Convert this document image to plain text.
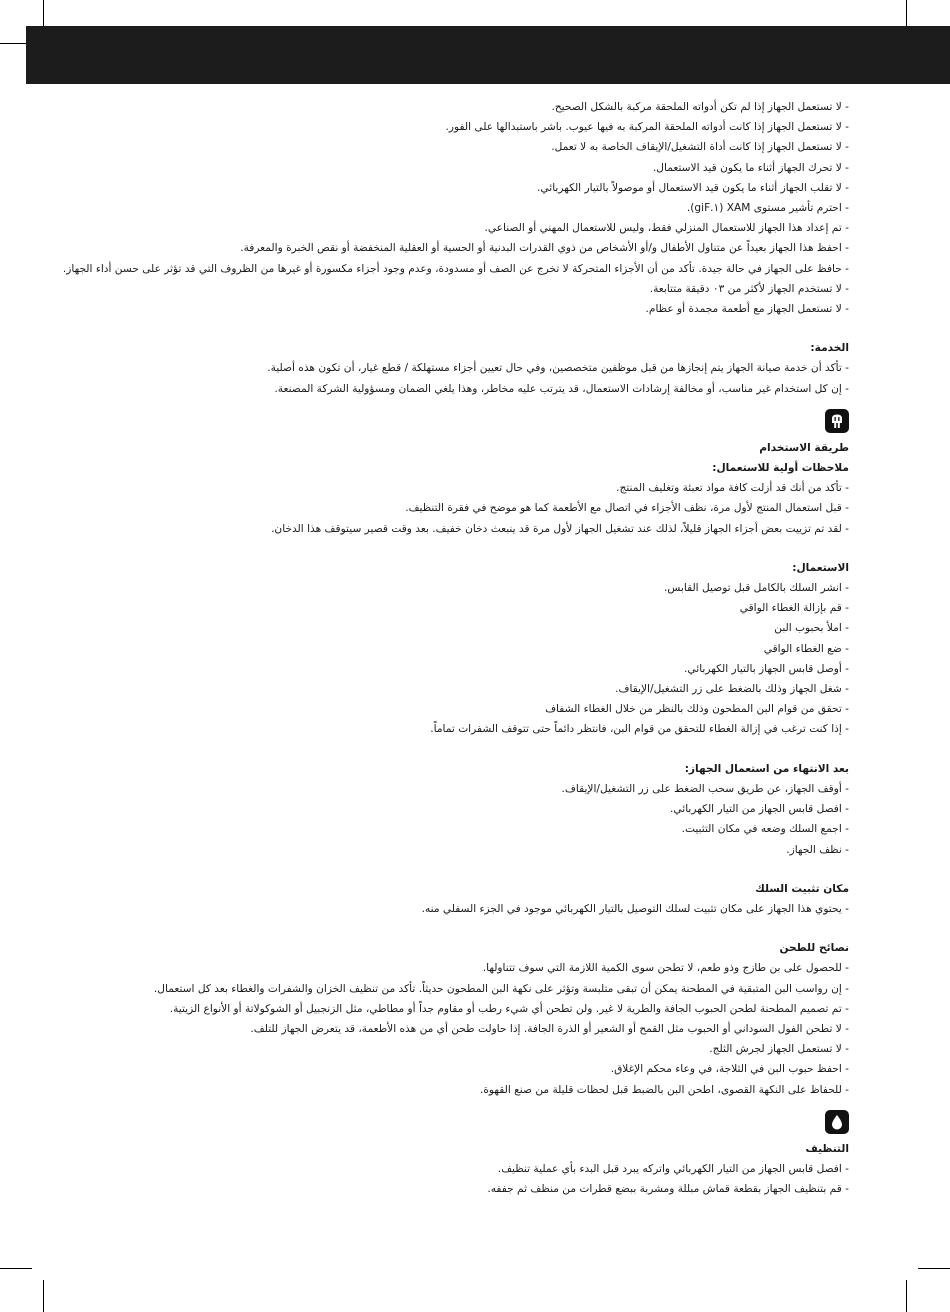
- لا تستعمل الجهاز إذا لم تكن أدواته الملحقة مركبة بالشكل الصحيح.
- لا تستعمل الجهاز إذا كانت أدواته الملحقة المركبة به فيها عيوب. باشر باستبدالها على الفور.
- لا تستعمل الجهاز إذا كانت أداة التشغيل/الإيقاف الخاصة به لا تعمل.
- لا تحرك الجهاز أثناء ما يكون قيد الاستعمال.
- لا تقلب الجهاز أثناء ما يكون قيد الاستعمال أو موصولاً بالتيار الكهربائي.
- احترم تأشير مستوى XAM (١.giF).
- تم إعداد هذا الجهاز للاستعمال المنزلي فقط، وليس للاستعمال المهني أو الصناعي.
- احفظ هذا الجهاز بعيداً عن متناول الأطفال و/أو الأشخاص من ذوي القدرات البدنية أو الحسية أو العقلية المنخفضة أو نقص الخبرة والمعرفة.
- حافظ على الجهاز في حالة جيدة. تأكد من أن الأجزاء المتحركة لا تخرج عن الصف أو مسدودة، وعدم وجود أجزاء مكسورة أو غيرها من الظروف التي قد تؤثر على حسن أداء الجهاز.
- لا تستخدم الجهاز لأكثر من ٠٣ دقيقة متتابعة.
- لا تستعمل الجهاز مع أطعمة مجمدة أو عظام.
الخدمة:
- تأكد أن خدمة صيانة الجهاز يتم إنجازها من قبل موظفين متخصصين، وفي حال تعيين أجزاء مستهلكة / قطع غيار، أن تكون هذه أصلية.
- إن كل استخدام غير مناسب، أو مخالفة إرشادات الاستعمال، قد يترتب عليه مخاطر، وهذا يلغي الضمان ومسؤولية الشركة المصنعة.
طريقة الاستخدام
ملاحظات أولية للاستعمال:
- تأكد من أنك قد أزلت كافة مواد تعبئة وتغليف المنتج.
- قبل استعمال المنتج لأول مرة، نظف الأجزاء في اتصال مع الأطعمة كما هو موضح في فقرة التنظيف.
- لقد تم تزييت بعض أجزاء الجهاز قليلاً، لذلك عند تشغيل الجهاز لأول مرة قد ينبعث دخان خفيف. بعد وقت قصير سيتوقف هذا الدخان.
الاستعمال:
- انشر السلك بالكامل قبل توصيل القابس.
- قم بإزالة الغطاء الواقي
- املأ بحبوب البن
- ضع الغطاء الواقي
- أوصل قابس الجهاز بالتيار الكهربائي.
- شغل الجهاز وذلك بالضغط على زر التشغيل/الإيقاف.
- تحقق من قوام البن المطحون وذلك بالنظر من خلال الغطاء الشفاف
- إذا كنت ترغب في إزالة الغطاء للتحقق من قوام البن، فانتظر دائماً حتى تتوقف الشفرات تماماً.
بعد الانتهاء من استعمال الجهاز:
- أوقف الجهاز، عن طريق سحب الضغط على زر التشغيل/الإيقاف.
- افصل قابس الجهاز من التيار الكهربائي.
- اجمع السلك وضعه في مكان التثبيت.
- نظف الجهاز.
مكان تثبيت السلك
- يحتوي هذا الجهاز على مكان تثبيت لسلك التوصيل بالتيار الكهربائي موجود في الجزء السفلي منه.
نصائح للطحن
- للحصول على بن طازج وذو طعم، لا تطحن سوى الكمية اللازمة التي سوف تتناولها.
- إن رواسب البن المتبقية في المطحنة يمكن أن تبقى متلبسة وتؤثر على نكهة البن المطحون حديثاً. تأكد من تنظيف الخزان والشفرات والغطاء بعد كل استعمال.
- تم تصميم المطحنة لطحن الحبوب الجافة والطرية لا غير. ولن تطحن أي شيء رطب أو مقاوم جداً أو مطاطي، مثل الزنجبيل أو الشوكولاتة أو الأنواع الزيتية.
- لا تطحن الفول السوداني أو الحبوب مثل القمح أو الشعير أو الذرة الجافة. إذا حاولت طحن أي من هذه الأطعمة، قد يتعرض الجهاز للتلف.
- لا تستعمل الجهاز لجرش الثلج.
- احفظ حبوب البن في الثلاجة، في وعاء محكم الإغلاق.
- للحفاظ على النكهة القصوى، اطحن البن بالضبط قبل لحظات قليلة من صنع القهوة.
التنظيف
- افصل قابس الجهاز من التيار الكهربائي واتركه يبرد قبل البدء بأي عملية تنظيف.
- قم بتنظيف الجهاز بقطعة قماش مبللة ومشربة ببضع قطرات من منظف ثم جففه.
